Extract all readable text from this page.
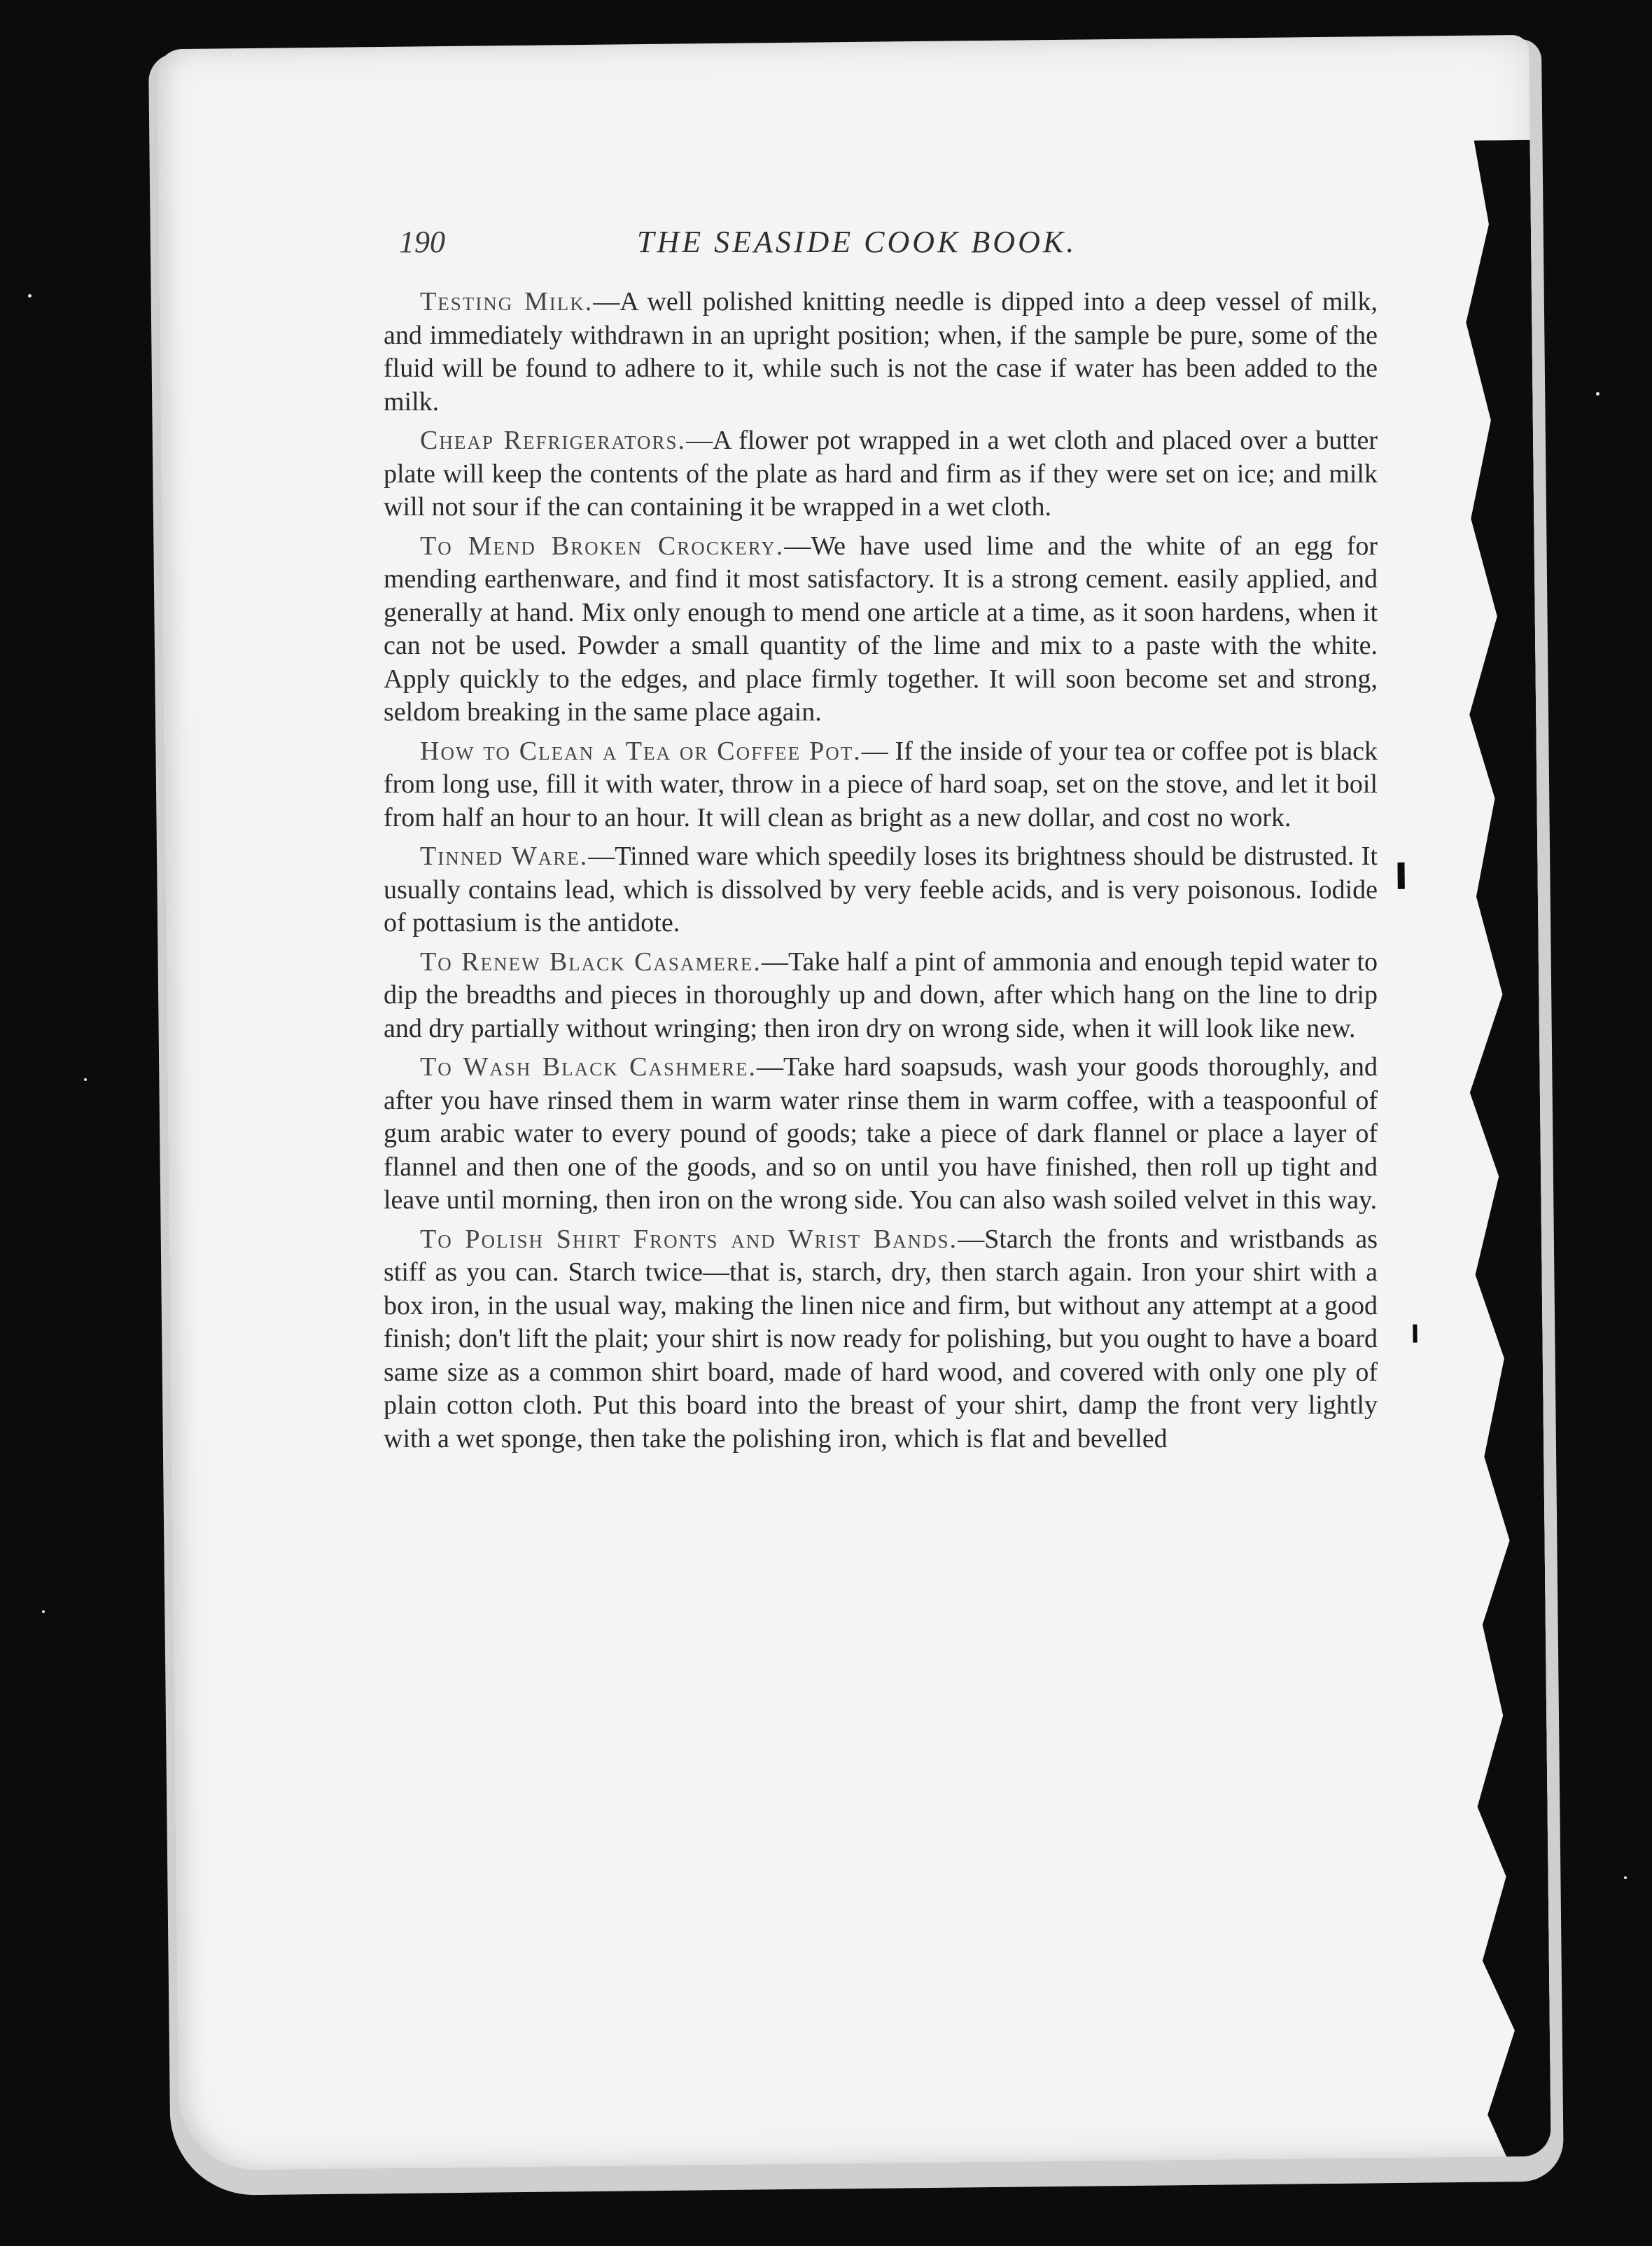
190	THE SEASIDE COOK BOOK.

Testing Milk.—A well polished knitting needle is dipped into a deep vessel of milk, and immediately withdrawn in an upright position; when, if the sample be pure, some of the fluid will be found to adhere to it, while such is not the case if water has been added to the milk.

Cheap Refrigerators.—A flower pot wrapped in a wet cloth and placed over a butter plate will keep the contents of the plate as hard and firm as if they were set on ice; and milk will not sour if the can containing it be wrapped in a wet cloth.

To Mend Broken Crockery.—We have used lime and the white of an egg for mending earthenware, and find it most satisfactory. It is a strong cement. easily applied, and generally at hand. Mix only enough to mend one article at a time, as it soon hardens, when it can not be used. Powder a small quantity of the lime and mix to a paste with the white. Apply quickly to the edges, and place firmly together. It will soon become set and strong, seldom breaking in the same place again.

How to Clean a Tea or Coffee Pot.— If the inside of your tea or coffee pot is black from long use, fill it with water, throw in a piece of hard soap, set on the stove, and let it boil from half an hour to an hour. It will clean as bright as a new dollar, and cost no work.

Tinned Ware.—Tinned ware which speedily loses its brightness should be distrusted. It usually contains lead, which is dissolved by very feeble acids, and is very poisonous. Iodide of pottasium is the antidote.

To Renew Black Casamere.—Take half a pint of ammonia and enough tepid water to dip the breadths and pieces in thoroughly up and down, after which hang on the line to drip and dry partially without wringing; then iron dry on wrong side, when it will look like new.

To Wash Black Cashmere.—Take hard soapsuds, wash your goods thoroughly, and after you have rinsed them in warm water rinse them in warm coffee, with a teaspoonful of gum arabic water to every pound of goods; take a piece of dark flannel or place a layer of flannel and then one of the goods, and so on until you have finished, then roll up tight and leave until morning, then iron on the wrong side. You can also wash soiled velvet in this way.

To Polish Shirt Fronts and Wrist Bands.—Starch the fronts and wristbands as stiff as you can. Starch twice—that is, starch, dry, then starch again. Iron your shirt with a box iron, in the usual way, making the linen nice and firm, but without any attempt at a good finish; don't lift the plait; your shirt is now ready for polishing, but you ought to have a board same size as a common shirt board, made of hard wood, and covered with only one ply of plain cotton cloth. Put this board into the breast of your shirt, damp the front very lightly with a wet sponge, then take the polishing iron, which is flat and bevelled
